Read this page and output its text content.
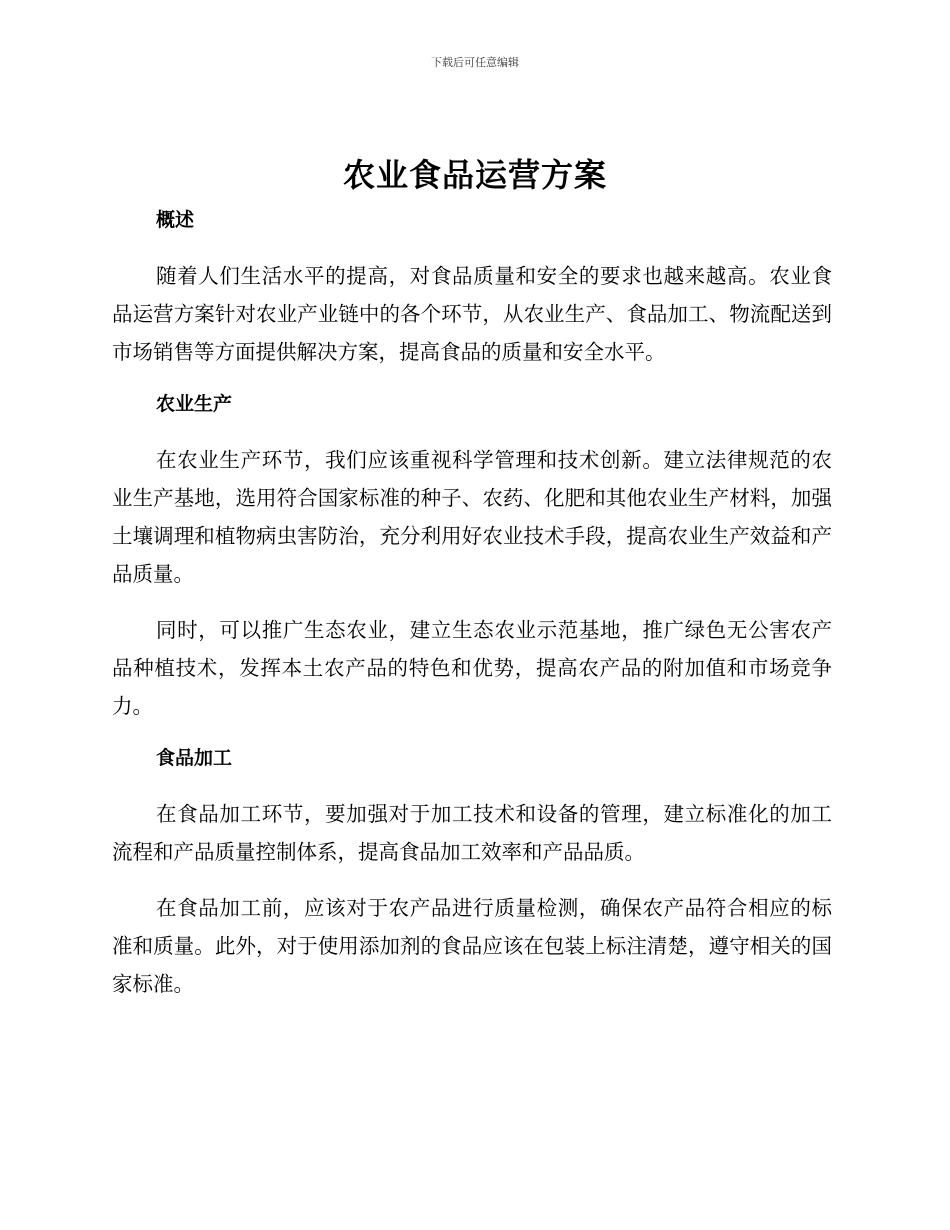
下载后可任意编辑
农业食品运营方案
概述

随着人们生活水平的提高，对食品质量和安全的要求也越来越高。农业食品运营方案针对农业产业链中的各个环节，从农业生产、食品加工、物流配送到市场销售等方面提供解决方案，提高食品的质量和安全水平。

农业生产

在农业生产环节，我们应该重视科学管理和技术创新。建立法律规范的农业生产基地，选用符合国家标准的种子、农药、化肥和其他农业生产材料，加强土壤调理和植物病虫害防治，充分利用好农业技术手段，提高农业生产效益和产品质量。

同时，可以推广生态农业，建立生态农业示范基地，推广绿色无公害农产品种植技术，发挥本土农产品的特色和优势，提高农产品的附加值和市场竞争力。

食品加工

在食品加工环节，要加强对于加工技术和设备的管理，建立标准化的加工流程和产品质量控制体系，提高食品加工效率和产品品质。

在食品加工前，应该对于农产品进行质量检测，确保农产品符合相应的标准和质量。此外，对于使用添加剂的食品应该在包装上标注清楚，遵守相关的国家标准。
